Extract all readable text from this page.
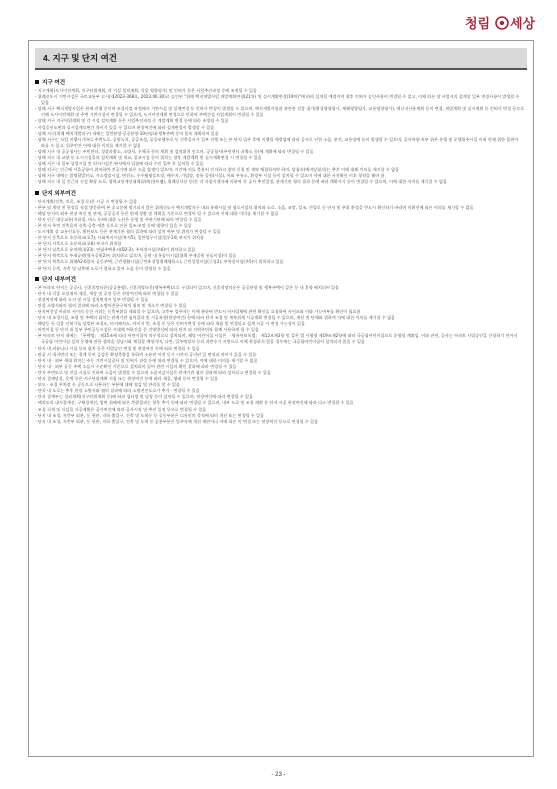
청림 세상
4. 지구 및 단지 여건
지구 여건

- 지구계획(도시이전계획, 지구단위계획, 각 시설 설치계획, 각종 영향평가) 및 인허가 등은 사업추진과정 중에 조정될 수 있음

- 위례신도시 기반시설은 국토교통부 고시(제2023-368호, 2023.06.30)로 승인된 "위례 택지개발사업 개발계획변경(21차) 및 실시계획변경(19차)"에 따라 설치될 예정이며 향후 인허가 승인사항이 변경될 수 있고, 이에 따른 당 사업지의 설계상 일부 변경사항이 발생할 수 있음

- 당해 지구 택지개발사업은 현재 진행 중이며 조성사업 과정에서 기반시설 및 설계변경 등 인허가 변경이 발생할 수 있으며, 택지개발사업과 관련한 각종 평가(환경영향평가, 재해영향평가, 교통영향평가), 에너지사용계획 등의 변경, 개발계획 및 실시계획 등 인허가 변경 등으로 인해 도시이전계획 및 주변 기반시설이 변경될 수 있으며, 도시이전계획 변경으로 인하여 주택건설 사업계획이 변경될 수 있음

- 당해 지구 지구단위계획 및 각 시설 설치계획 등은 사업추진과정 중 개발계획 변경 등에 따라 조정될 수 있음

- 사업승인도면과 실시설계도면간 차이가 있을 수 있으며 현장여건에 따라 설계변경이 발생할 수 있음

- 당해 지구(위례 택지개발지구) 내에는 일반분양·공공분양·10년임대·행복주택 등의 블록 계획되어 있음

- 당해 지구는 사업 진행시기마다 주변도로, 공원녹지, 공공조성, 공공보행통로 등 건축공사가 일부 진행 또는 본 단지 입주 후에 지행될 예정임에 따라 공사로 인한 소음, 분진, 교통장애 등이 발생할 수 있으며, 공사차량·처부 위주 통행 및 운행위주시설 이외 현재 위한 불편이 따를 수 있고, 입주민간 이에 대한 이의를 제기할 수 없음

- 당해 지구 내 공공청사는 주민센터, 경찰파출소, 소방서, 우체국 등의 계획 및 설치위치 인으며, 공공청사(주민센터 파출소 등)에 계획에 따라 변경될 수 있음

- 당해 지구 내 교량 등 도시기설물의 설치계획 및 학교, 종교시설 등의 위치는 향후 개발계획 및 실시계획변경 시 변경될 수 있음

- 당해 지구 내 일부 상업시설 및 편의시설은 판자에서 입점에 따라 수인 입주 후 설치될 수 있음

- 당해 지구는 인근에 서울공항이 위치하여 전공기에 따른 소음 발생이 있으며, 시간에 이를 충분히 인지하고 청약 신청 및 계약 체결하셔야 하며, 당첨자(예비당첨자)는 추후 이에 대해 이의를 제기할 수 없음

- 당해 지구 내에는 열병합발전소, 가스정압시설, 변전소, 우수펌핑플트장, 배수지, 가압장, 송유 공원(시설), 옥외 주유소, 환경부 시설 등이 설치될 수 있으며 이에 대한 사전확인 이후 청약을 해야 함

- 당해 지구 내 일 인근의 신설 확장 도로, 광역교통개선대책(위례선(트램), 위례신사선 등)은 각 사업시행자에 의하여 각 공사 추진일정, 관계기관 협의 결과 등에 따라 계획시기 등이 변경될 수 있으며, 이에 대한 이의를 제기할 수 없음

단지 외부여건

- 단지계획(건축, 토목, 조경 등)은 시공 시 변경될 수 있음

- 본부 및 계약 전 현장을 직접 방문하여 본 공고문에 명기되지 않은 위례신도시 택지개발지구 내외 유해시설 및 혐오시설의 위치와 도로, 소음, 조망, 일조, 전입로 등 단지 및 주위 환경을 반드시 확인하기 바라며 미확인에 따른 이의를 제기할 수 없음

- 해당 단지의 외부 현장 여건 및 관계, 공공공지 등은 현재 상황 및 계획을 기준으로 변경이 될 수 있으며 이에 대한 이의를 제기할 수 없음

- 단지 인근 대중교통(지하철, 버스 등)에 대한 노선은 운영 및 주관기관에 따라 변경될 수 있음

- 본 단지 주변 건축물의 신축·증축·개축 등으로 인한 일조·조망 등에 영향이 있을 수 있음

- 도시계획 상 교통신호등, 횡단보도 등은 관계기관 협의 결과에 따라 설치 여부 및 위치가 변경될 수 있음

- 본 단지 동측으로 초등학교(초7), 사회복지시설(복지5), 일반업무시설(업무14) 부지가 위치함

- 본 단지 서측으로 초등학교(초6) 부지가 위치함

- 본 단지 남측으로 유치원(유23), 연립주택용지(D2-2), 주차장시설(주6)이 위치하고 있음

- 본 단지 북측으로 주제공원(역사공원2)이 위치하고 있으며, 공원 내 통돌이시설(위례 주제공원 통돌이창)이 있음

- 본 단지 북측으로 위례A2-6블록 공동주택, 근린생활시설(근린4-상업위례체육소), 근린상업시설(근상2), 주차장시설(주5)이 위치하고 있음

- 본 단지 동측, 서측 및 남측에 도로가 접하고 있어 소음 등이 발생할 수 있음

단지 내부여건

- 본 아파트 단지는 공공사, 신혼희망타운(공공분양), 신혼희망타운(행복주택)으로 구성되어 있으며, 신혼희망타운은 공공분양 및 행복주택이 같은 동 내 혼합 배치되어 있음

- 단지 내 각종 포장재의 재질, 색상 및 공장 등은 현장여건에 따라 변경될 수 있음

- 현장여건에 따라 녹지 및 시설 설치면적이 일부 변경될 수 있음

- 관할 소방서와의 협의 결과에 따라 소방차전용구역의 위치 및 개소가 변경될 수 있음

- 단지여건상 아파트 사이의 동간 거리는 동측부위를 제외할 수 있으며, 고층부 입주자는 이에 관하여 반드시 아사업체에 관련 확인을 요청하여 사이즈와 이와 가능여부를 확인이 필요함

- 단지 내 조경시설, 조형 및 주택의 위치는 관계기관 심의결과 및 시공과정(현장여건) 등에 따라 단지 조경 및 세부위계 시공계획 변경될 수 있으며, 계산 및 단체와 위하여 이에 대한 이의를 제기할 수 없음

- 해당동 등 각종 인허가를 상업된 조경도, 단지배치도, 아이지 칸, 조경 등 등은 인허가변경 등에 따라 제품 및 변경되고 설계 시공 시 변경 가능성이 있음

- 어린이집 등 단지 내 일부 주민공동시설은 시대에 여하건을 등 건영방식에 따라 단지 외 지역주민과 함께 사용하게 될 수 있음

- 본 아파트 단지 내에는 「주택법」 제35조에 따라 어린이집이 의무적으로 설치되며, 해당 어린이집 시설은 「영유아보육법」 제12조제3항 및 같은 법 시행령 제19조제2항에 따라 국공립어린이집으로 운영될 계획임. 이와 관련, 공사는 아파트 사업승인을 신청하기 전까지 국공립 어린이집 설치 운영에 관한 협약을 성남시와 체결할 예정이며, 다만, 입주예정자 등의 과반수가 서면으로 이에 찬성하지 않을 경우에는 국공립어린이집이 설치되지 않을 수 있음

- 단지 내 커뮤니티 시설 등의 위치 등은 사업승인 변경 및 현장여건 등에 따라 변경될 수 있음

- 관공 시 내지면의 또는 경계 등의 증감은 확정측량을 통하여 소유권 이전 등기 시까지 공지된 일 면적과 차이가 있을 수 있음

- 단지 내 · 외부 세대 위치는 주동 기반시설공사 및 인허가 과정 등에 따라 변경될 수 있으며, 이에 대한 이의를 제기할 수 없음

- 단지 내 · 외부 공동 주택 소음시 수준확인 기준으로 설치되어 있어 관련 시설의 확인 결과에 따라 변경될 수 있음

- 단지 주변도로 및 진입 시설로 인하여 소음이 발생할 수 있으며 소음저감시설은 관계기관 협의 결과에 따라 설치되고 변경될 수 있음

- 단지 경계담장, 옹벽 등은 지구단위계획 지침 또는 현장여건 등에 따라 재질, 형태 등이 변경될 수 있음

- 보도 · 조경 주차장 등 공동으로 사용하는 부분에 대해 점검 및 관리를 할 수 있음

- 단지 내 도로는 추후 관할 소방서와 협의 결과에 따라 소방전진도로가 추가 · 변경될 수 있음

- 단지 경계부는 성외계획(지구단위계획 등)에 따라 필터링 및 담장 등이 설치될 수 있으며, 현장여건에 따라 변경될 수 있음

- 배치도의 대지경계선, 구체경계선, 법면 위배에 따른 측량결과는 향후 추가 등에 따라 변경될 수 있으며, 내부 도로 및 조경 계획 등 단지 시공 현장여건에 따라 다소 변경될 수 있음

- 조경 식재 및 시설물 시공계획은 공사여건에 따라 공사시작 및 추진 일정 등으로 변경될 수 있음

- 단지 내 조경, 저층부 외관, 동 현관, 지하 출입구, 건축 및 도색등 등 공동부분은 디자인의 목적에 따라 개선 또는 변경될 수 있음

- 단지 내 조경, 저층부 외관, 동 현관, 지하 출입구, 건축 및 도색 등 공용부분은 입주자에 개선 제안이나 이에 따른 미 변경 또는 현장여건 등으로 변경될 수 있음

- 23 -
